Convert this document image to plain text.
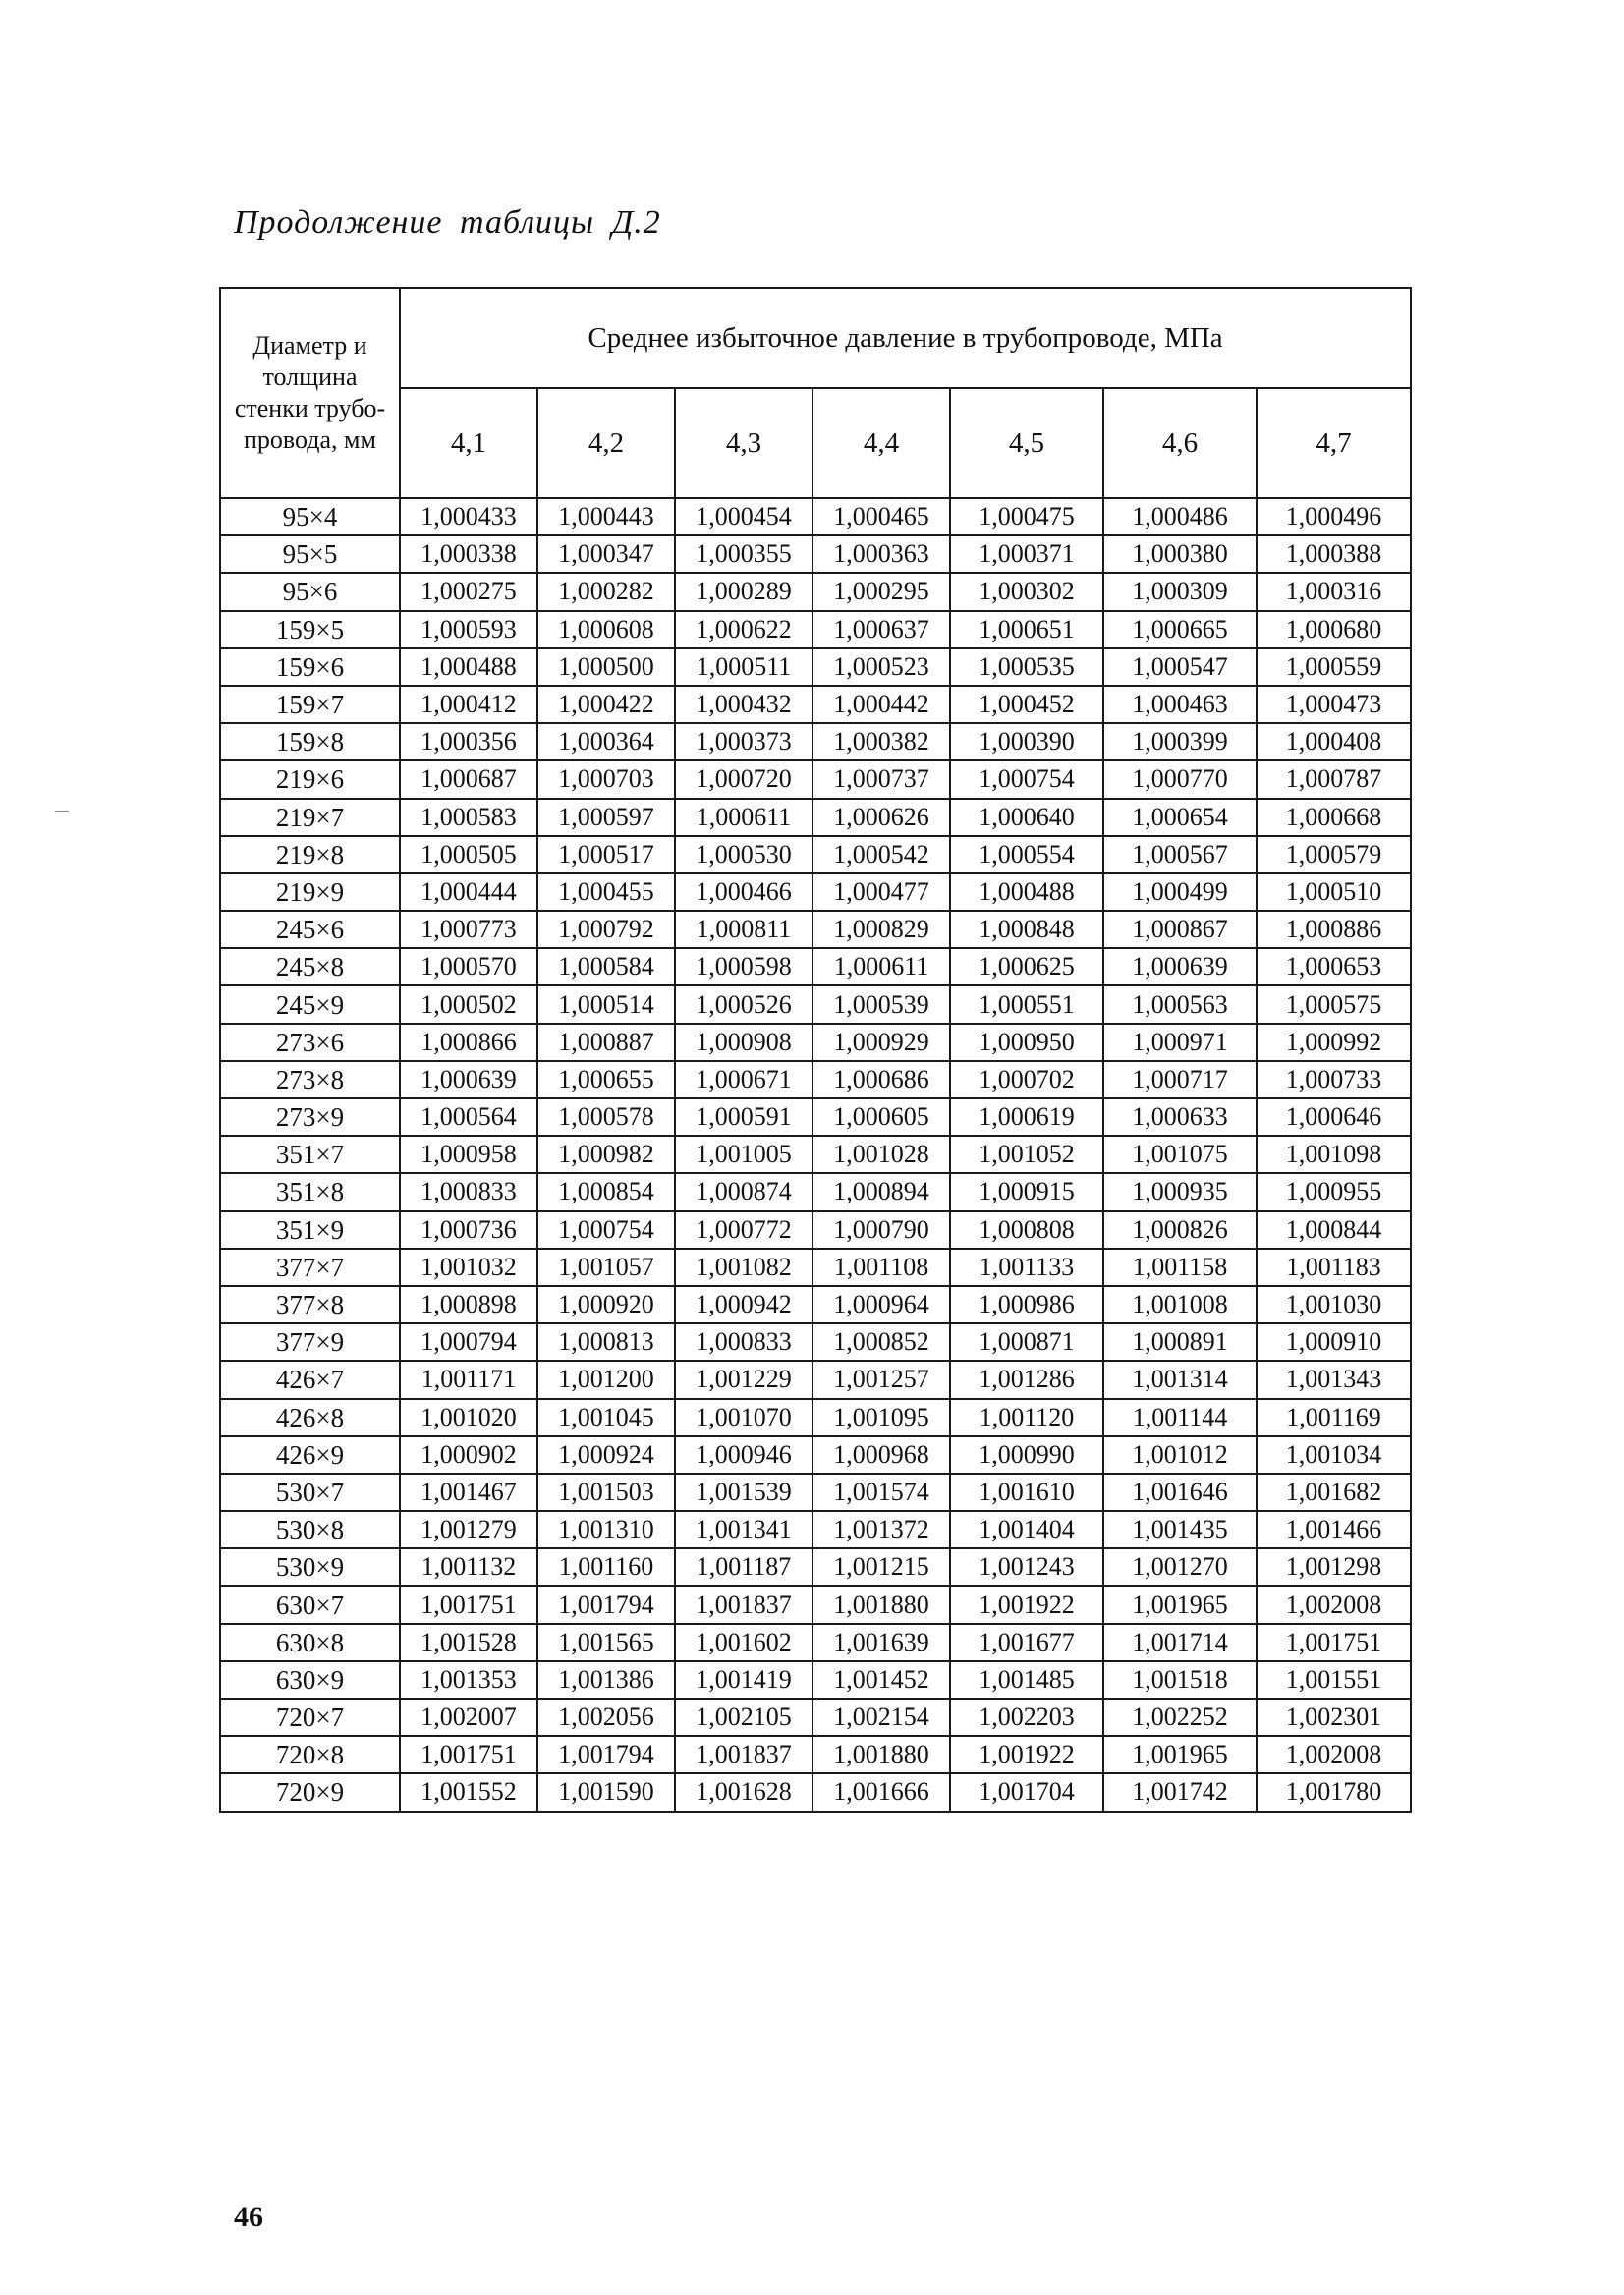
Продолжение таблицы Д.2
Диаметр и толщина стенки трубо-провода, мм	Среднее избыточное давление в трубопроводе, МПа						
	4,1	4,2	4,3	4,4	4,5	4,6	4,7
95×4	1,000433	1,000443	1,000454	1,000465	1,000475	1,000486	1,000496
95×5	1,000338	1,000347	1,000355	1,000363	1,000371	1,000380	1,000388
95×6	1,000275	1,000282	1,000289	1,000295	1,000302	1,000309	1,000316
159×5	1,000593	1,000608	1,000622	1,000637	1,000651	1,000665	1,000680
159×6	1,000488	1,000500	1,000511	1,000523	1,000535	1,000547	1,000559
159×7	1,000412	1,000422	1,000432	1,000442	1,000452	1,000463	1,000473
159×8	1,000356	1,000364	1,000373	1,000382	1,000390	1,000399	1,000408
219×6	1,000687	1,000703	1,000720	1,000737	1,000754	1,000770	1,000787
219×7	1,000583	1,000597	1,000611	1,000626	1,000640	1,000654	1,000668
219×8	1,000505	1,000517	1,000530	1,000542	1,000554	1,000567	1,000579
219×9	1,000444	1,000455	1,000466	1,000477	1,000488	1,000499	1,000510
245×6	1,000773	1,000792	1,000811	1,000829	1,000848	1,000867	1,000886
245×8	1,000570	1,000584	1,000598	1,000611	1,000625	1,000639	1,000653
245×9	1,000502	1,000514	1,000526	1,000539	1,000551	1,000563	1,000575
273×6	1,000866	1,000887	1,000908	1,000929	1,000950	1,000971	1,000992
273×8	1,000639	1,000655	1,000671	1,000686	1,000702	1,000717	1,000733
273×9	1,000564	1,000578	1,000591	1,000605	1,000619	1,000633	1,000646
351×7	1,000958	1,000982	1,001005	1,001028	1,001052	1,001075	1,001098
351×8	1,000833	1,000854	1,000874	1,000894	1,000915	1,000935	1,000955
351×9	1,000736	1,000754	1,000772	1,000790	1,000808	1,000826	1,000844
377×7	1,001032	1,001057	1,001082	1,001108	1,001133	1,001158	1,001183
377×8	1,000898	1,000920	1,000942	1,000964	1,000986	1,001008	1,001030
377×9	1,000794	1,000813	1,000833	1,000852	1,000871	1,000891	1,000910
426×7	1,001171	1,001200	1,001229	1,001257	1,001286	1,001314	1,001343
426×8	1,001020	1,001045	1,001070	1,001095	1,001120	1,001144	1,001169
426×9	1,000902	1,000924	1,000946	1,000968	1,000990	1,001012	1,001034
530×7	1,001467	1,001503	1,001539	1,001574	1,001610	1,001646	1,001682
530×8	1,001279	1,001310	1,001341	1,001372	1,001404	1,001435	1,001466
530×9	1,001132	1,001160	1,001187	1,001215	1,001243	1,001270	1,001298
630×7	1,001751	1,001794	1,001837	1,001880	1,001922	1,001965	1,002008
630×8	1,001528	1,001565	1,001602	1,001639	1,001677	1,001714	1,001751
630×9	1,001353	1,001386	1,001419	1,001452	1,001485	1,001518	1,001551
720×7	1,002007	1,002056	1,002105	1,002154	1,002203	1,002252	1,002301
720×8	1,001751	1,001794	1,001837	1,001880	1,001922	1,001965	1,002008
720×9	1,001552	1,001590	1,001628	1,001666	1,001704	1,001742	1,001780
46
